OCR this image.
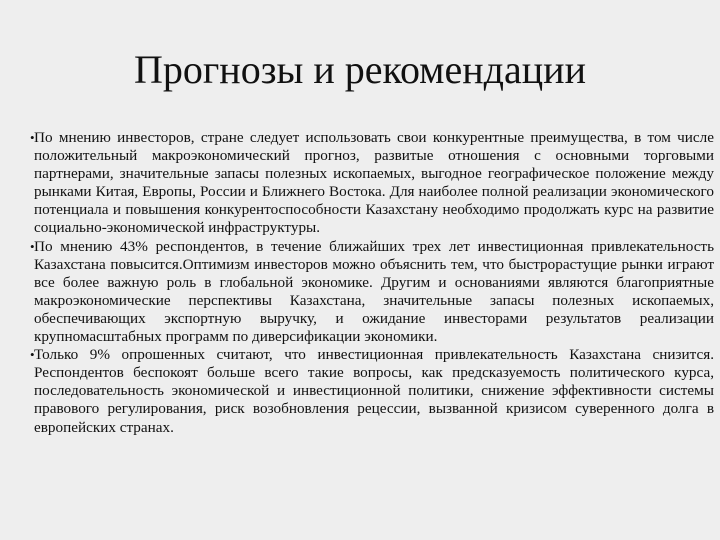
Прогнозы и рекомендации
• По мнению инвесторов, стране следует использовать свои конкурентные преимущества, в том числе положительный макроэкономический прогноз, развитые отношения с основными торговыми партнерами, значительные запасы полезных ископаемых, выгодное географическое положение между рынками Китая, Европы, России и Ближнего Востока. Для наиболее полной реализации экономического потенциала и повышения конкурентоспособности Казахстану необходимо продолжать курс на развитие социально-экономической инфраструктуры.
• По мнению 43% респондентов, в течение ближайших трех лет инвестиционная привлекательность Казахстана повысится.Оптимизм инвесторов можно объяснить тем, что быстрорастущие рынки играют все более важную роль в глобальной экономике. Другим и основаниями являются благоприятные макроэкономические перспективы Казахстана, значительные запасы полезных ископаемых, обеспечивающих экспортную выручку, и ожидание инвесторами результатов реализации крупномасштабных программ по диверсификации экономики.
• Только 9% опрошенных считают, что инвестиционная привлекательность Казахстана снизится. Респондентов беспокоят больше всего такие вопросы, как предсказуемость политического курса, последовательность экономической и инвестиционной политики, снижение эффективности системы правового регулирования, риск возобновления рецессии, вызванной кризисом суверенного долга в европейских странах.
